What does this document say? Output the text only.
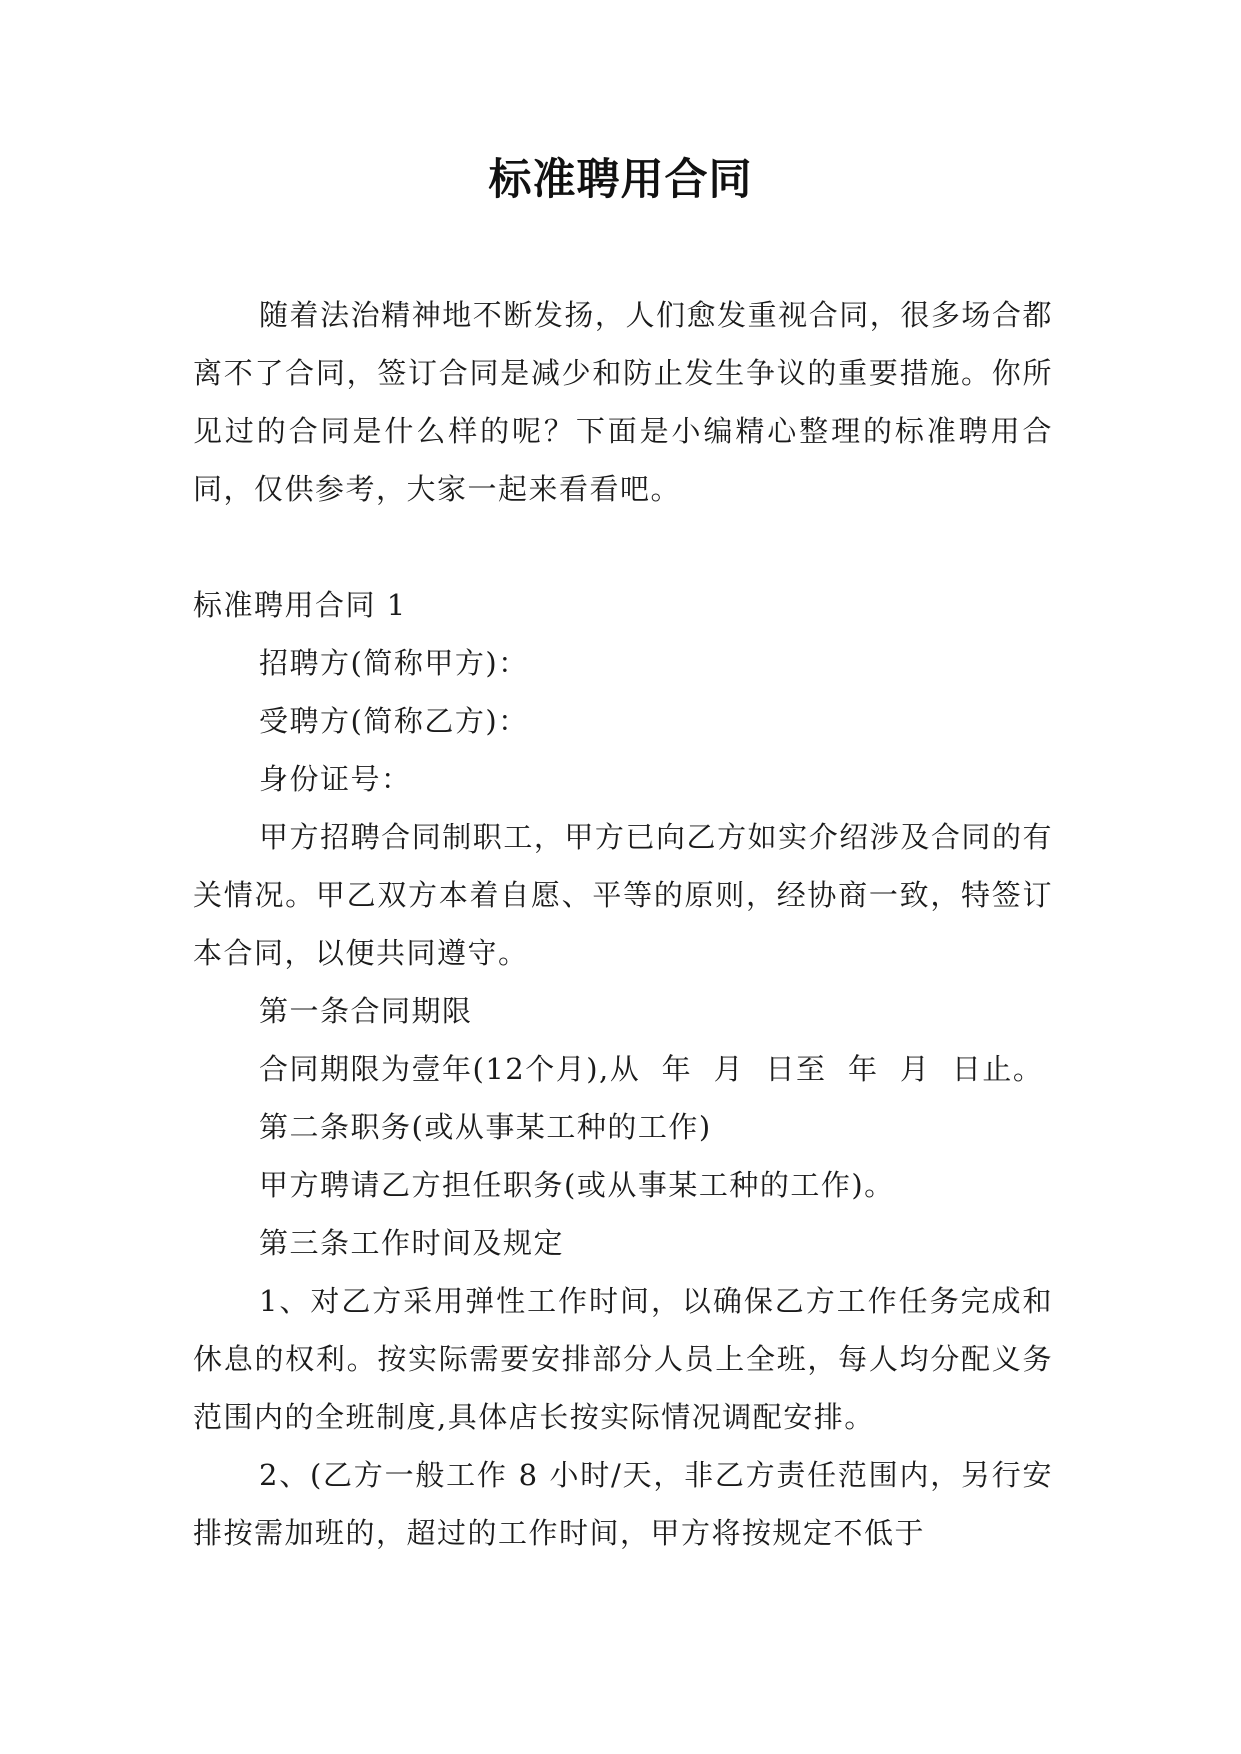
标准聘用合同

随着法治精神地不断发扬，人们愈发重视合同，很多场合都离不了合同，签订合同是减少和防止发生争议的重要措施。你所见过的合同是什么样的呢？下面是小编精心整理的标准聘用合同，仅供参考，大家一起来看看吧。

标准聘用合同 1

招聘方(简称甲方)：

受聘方(简称乙方)：

身份证号：

甲方招聘合同制职工，甲方已向乙方如实介绍涉及合同的有关情况。甲乙双方本着自愿、平等的原则，经协商一致，特签订本合同，以便共同遵守。

第一条合同期限

合同期限为壹年(12个月),从  年  月  日至  年  月  日止。

第二条职务(或从事某工种的工作)

甲方聘请乙方担任职务(或从事某工种的工作)。

第三条工作时间及规定

1、对乙方采用弹性工作时间，以确保乙方工作任务完成和休息的权利。按实际需要安排部分人员上全班，每人均分配义务范围内的全班制度,具体店长按实际情况调配安排。

2、(乙方一般工作 8 小时/天，非乙方责任范围内，另行安排按需加班的，超过的工作时间，甲方将按规定不低于
